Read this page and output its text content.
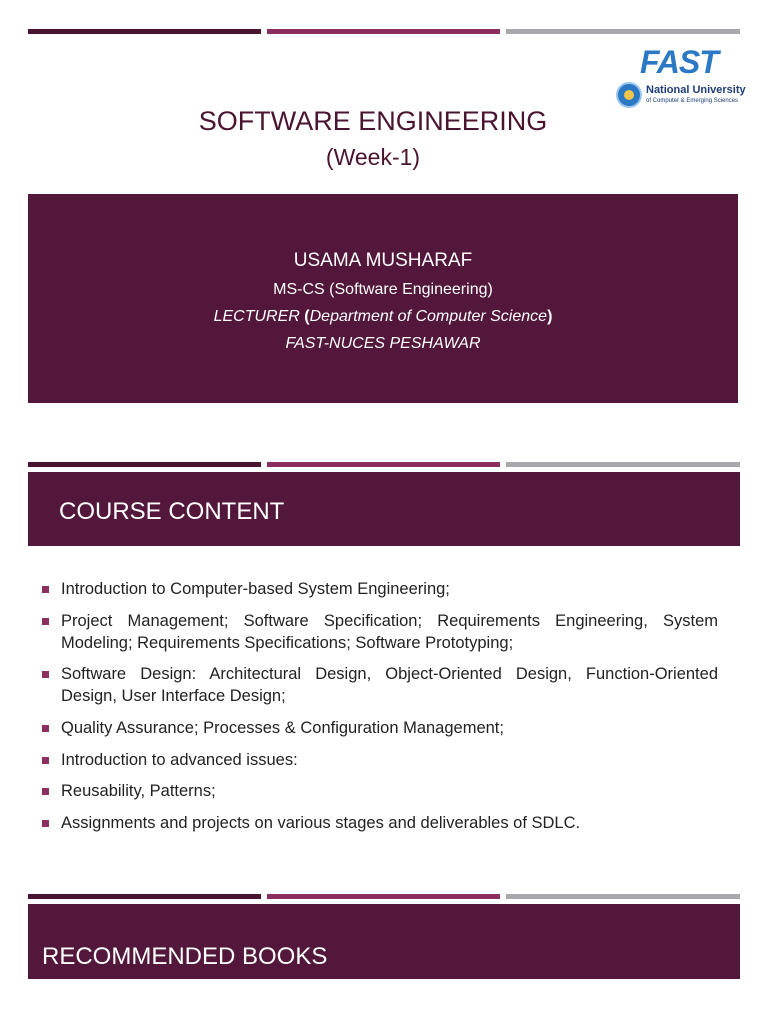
FAST
National University
of Computer & Emerging Sciences
SOFTWARE ENGINEERING
(Week-1)
USAMA MUSHARAF
MS-CS (Software Engineering)
LECTURER (Department of Computer Science)
FAST-NUCES PESHAWAR
COURSE CONTENT
Introduction to Computer-based System Engineering;
Project Management; Software Specification; Requirements Engineering, System Modeling; Requirements Specifications; Software Prototyping;
Software Design: Architectural Design, Object-Oriented Design, Function-Oriented Design, User Interface Design;
Quality Assurance; Processes & Configuration Management;
Introduction to advanced issues:
Reusability, Patterns;
Assignments and projects on various stages and deliverables of SDLC.
RECOMMENDED BOOKS
